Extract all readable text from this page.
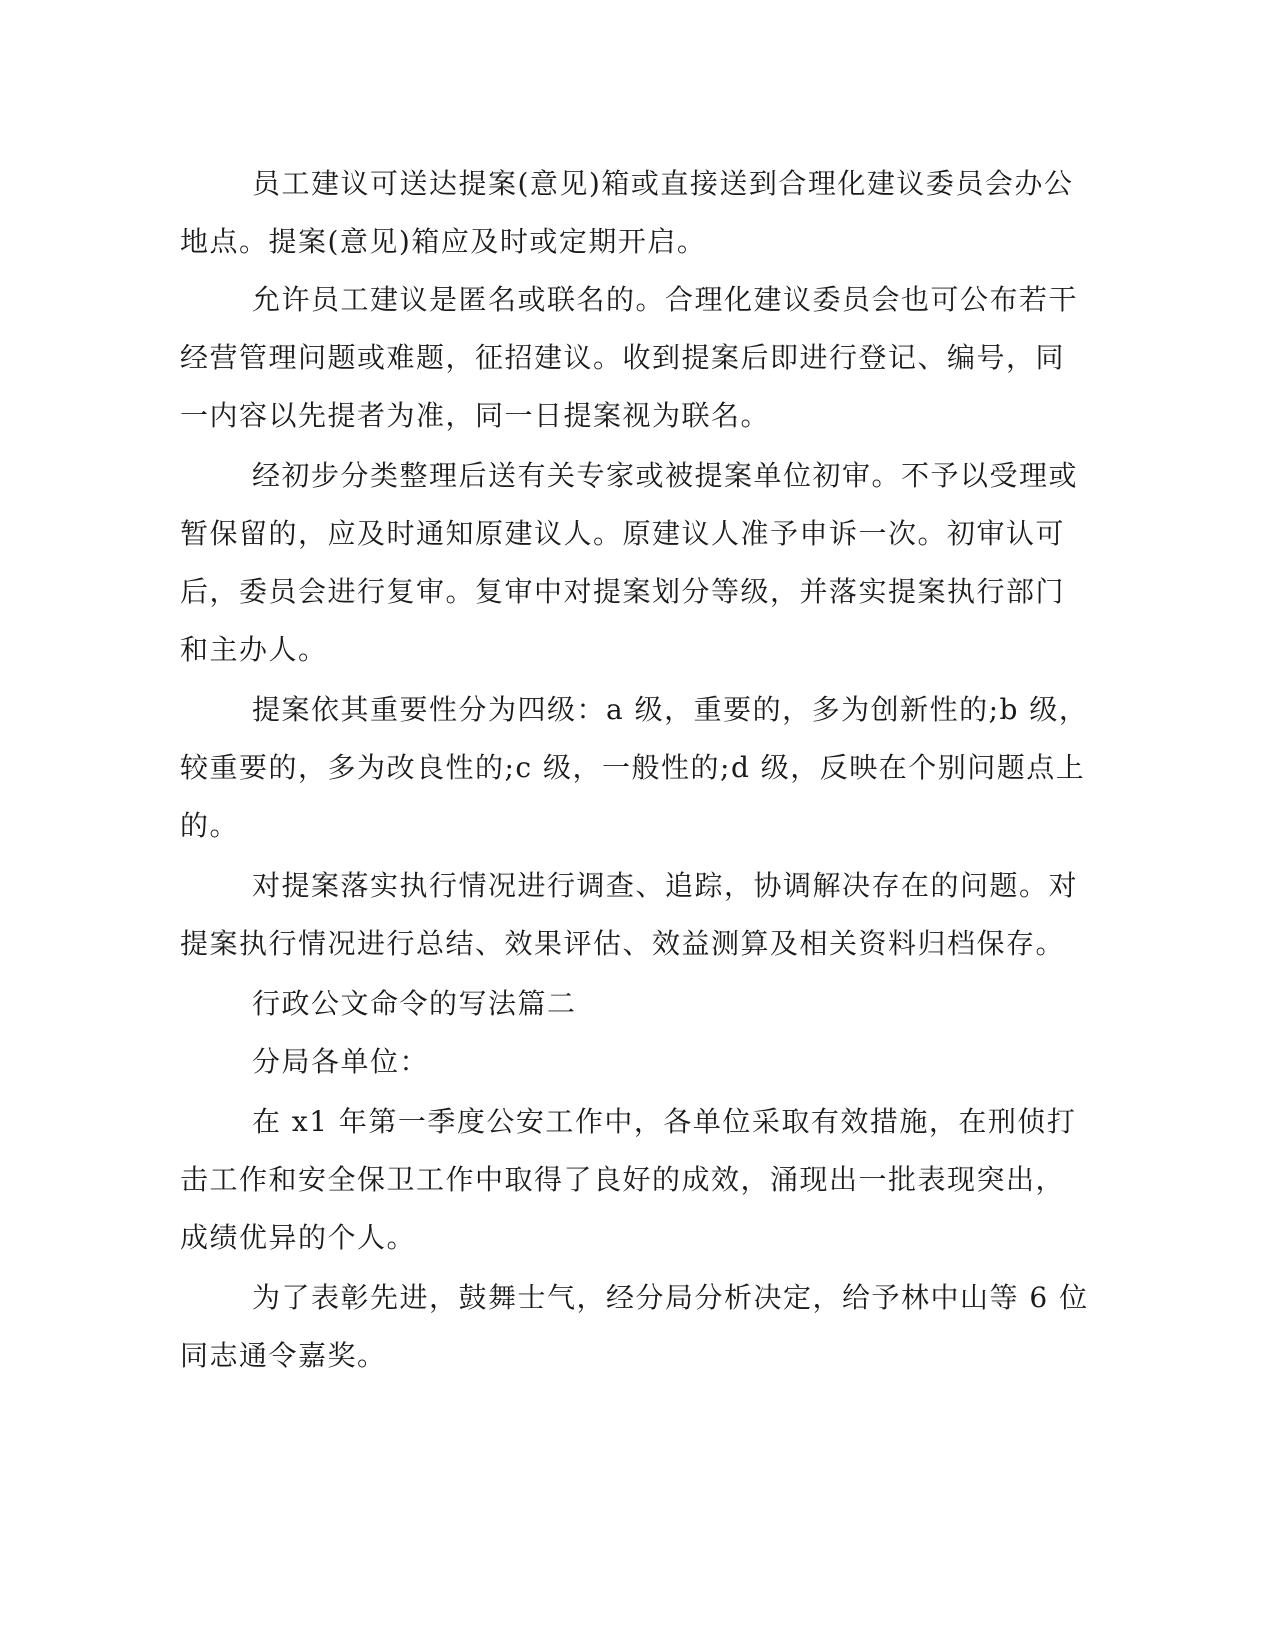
员工建议可送达提案(意见)箱或直接送到合理化建议委员会办公
地点。提案(意见)箱应及时或定期开启。
允许员工建议是匿名或联名的。合理化建议委员会也可公布若干
经营管理问题或难题，征招建议。收到提案后即进行登记、编号，同
一内容以先提者为准，同一日提案视为联名。
经初步分类整理后送有关专家或被提案单位初审。不予以受理或
暂保留的，应及时通知原建议人。原建议人准予申诉一次。初审认可
后，委员会进行复审。复审中对提案划分等级，并落实提案执行部门
和主办人。
提案依其重要性分为四级：a 级，重要的，多为创新性的;b 级，
较重要的，多为改良性的;c 级，一般性的;d 级，反映在个别问题点上
的。
对提案落实执行情况进行调查、追踪，协调解决存在的问题。对
提案执行情况进行总结、效果评估、效益测算及相关资料归档保存。
行政公文命令的写法篇二
分局各单位：
在 x1 年第一季度公安工作中，各单位采取有效措施，在刑侦打
击工作和安全保卫工作中取得了良好的成效，涌现出一批表现突出，
成绩优异的个人。
为了表彰先进，鼓舞士气，经分局分析决定，给予林中山等 6 位
同志通令嘉奖。
